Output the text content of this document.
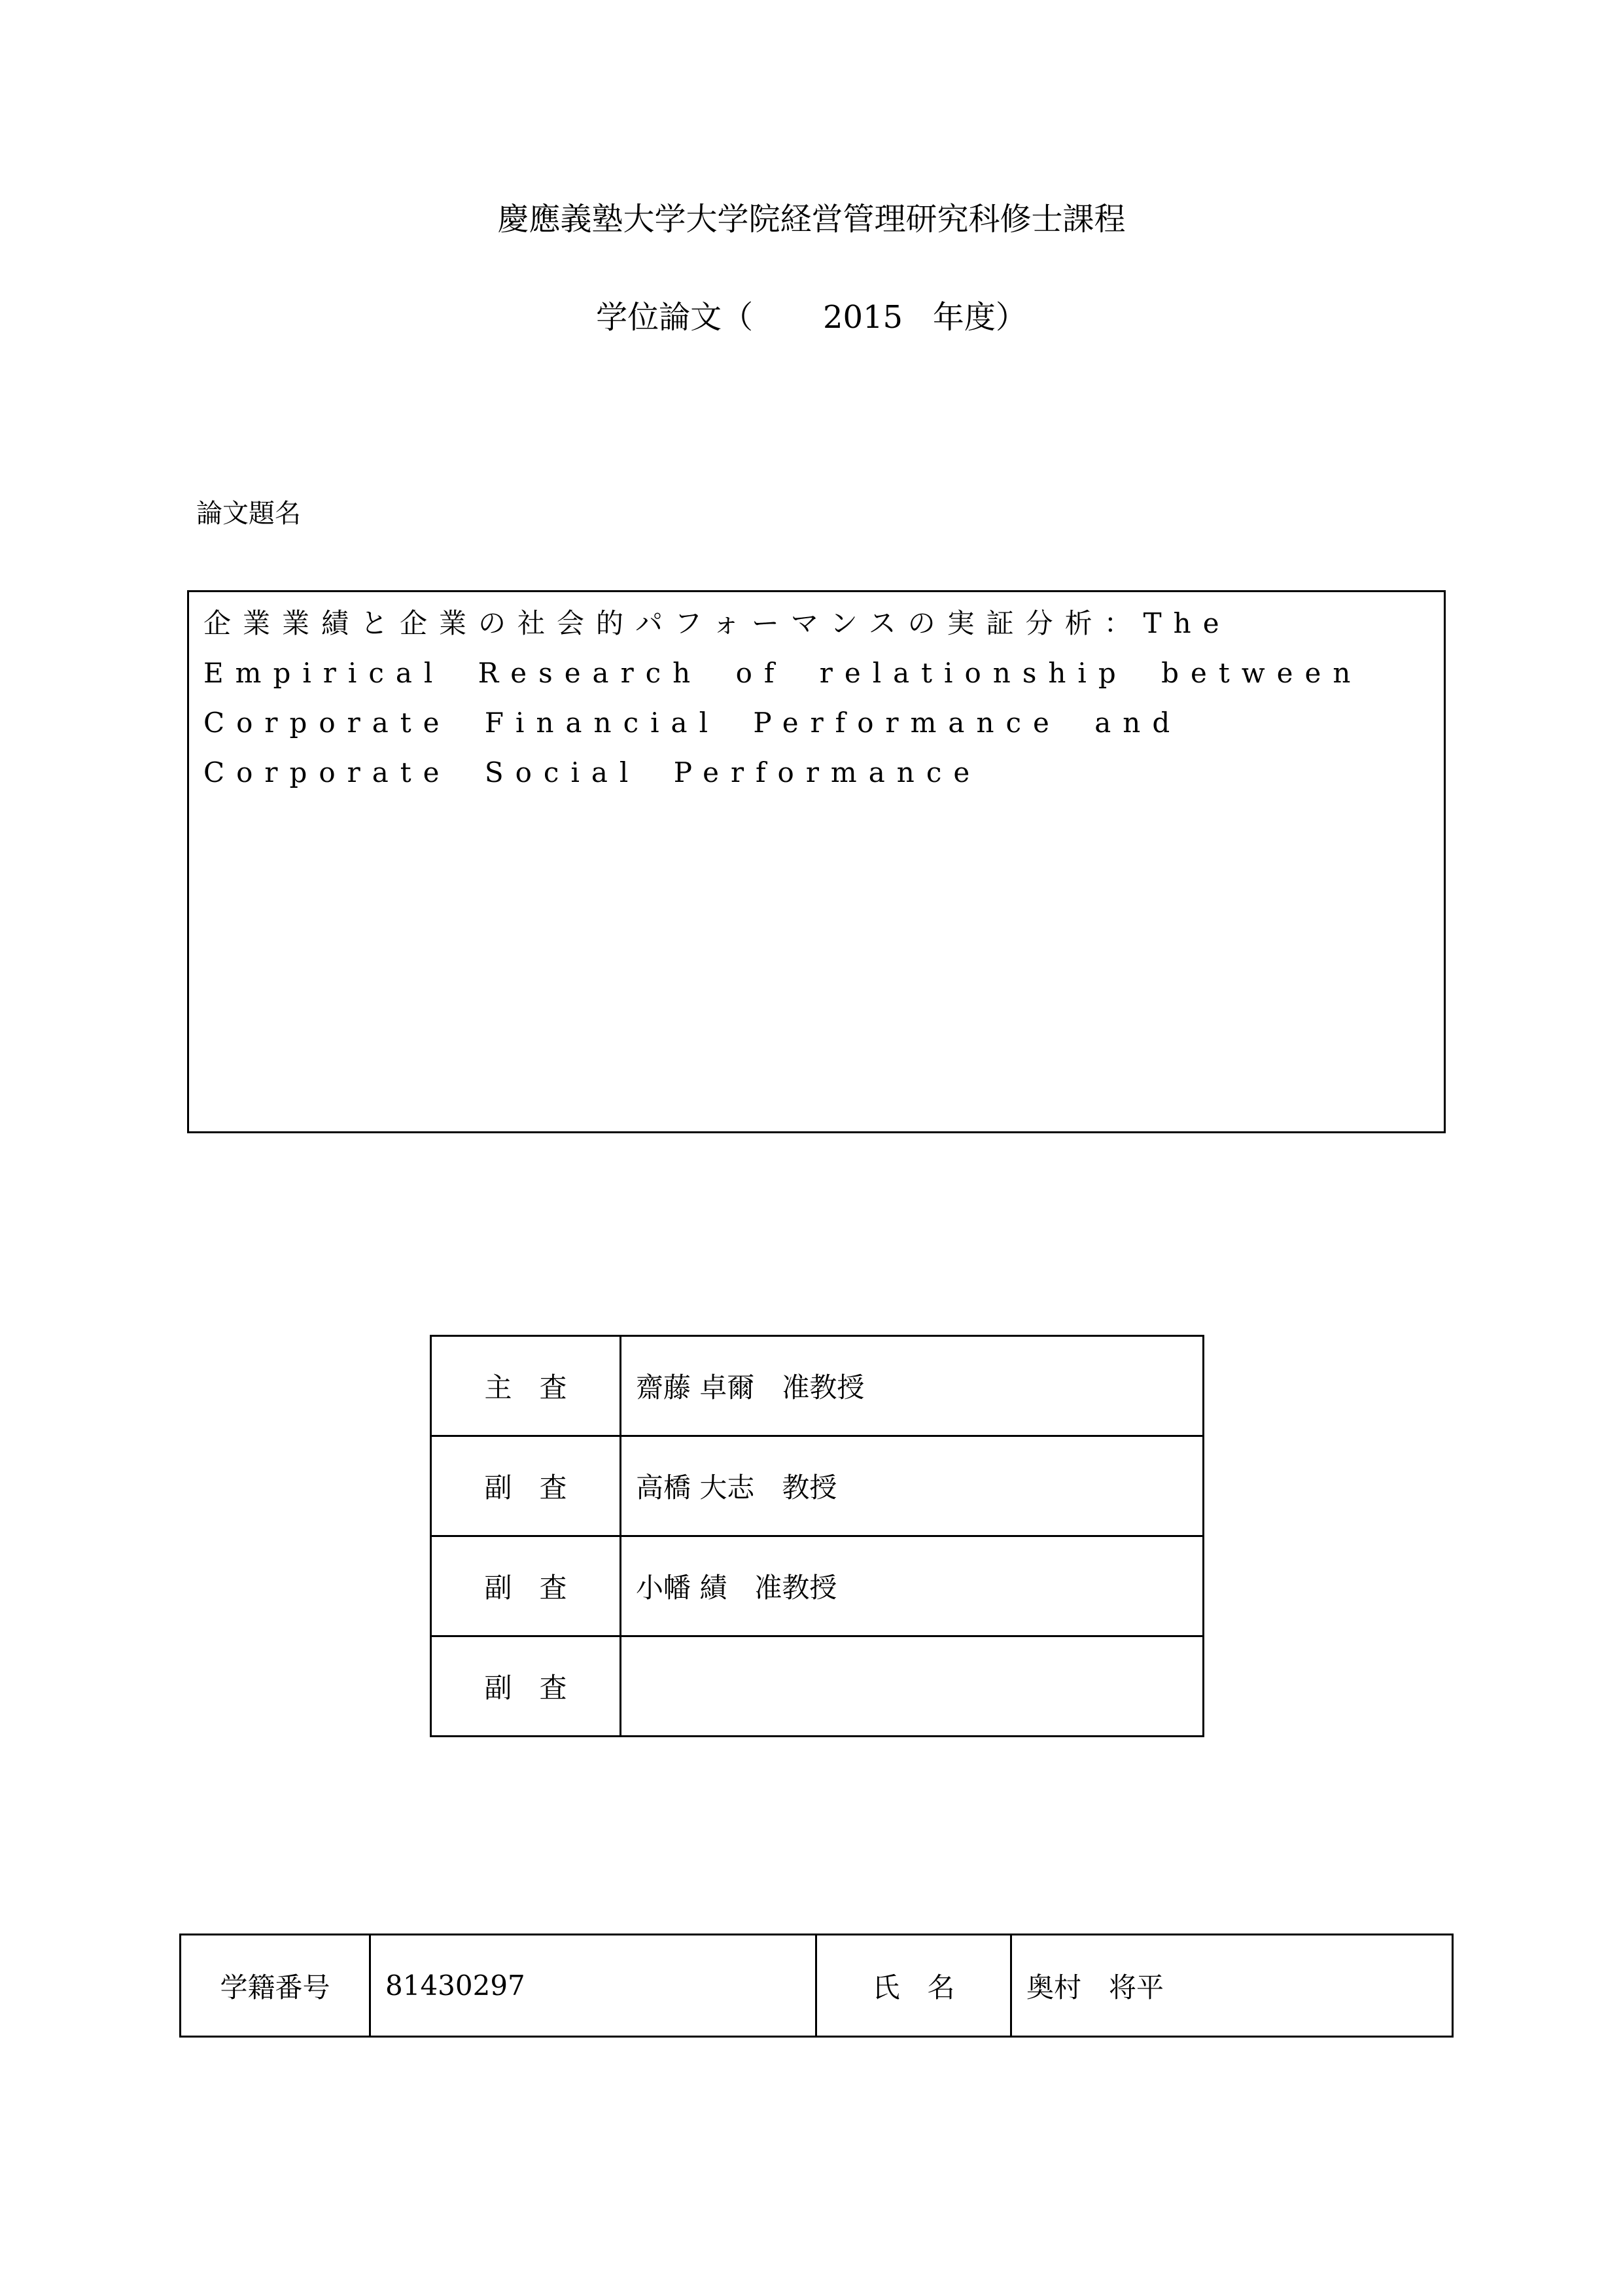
慶應義塾大学大学院経営管理研究科修士課程
学位論文（ 2015 年度）
論文題名
企業業績と企業の社会的パフォーマンスの実証分析：The Empirical Research of relationship between Corporate Financial Performance and Corporate Social Performance
主　査	齋藤 卓爾　准教授
副　査	高橋 大志　教授
副　査	小幡 績　准教授
副　査	
学籍番号	81430297	氏　名	奥村　将平
